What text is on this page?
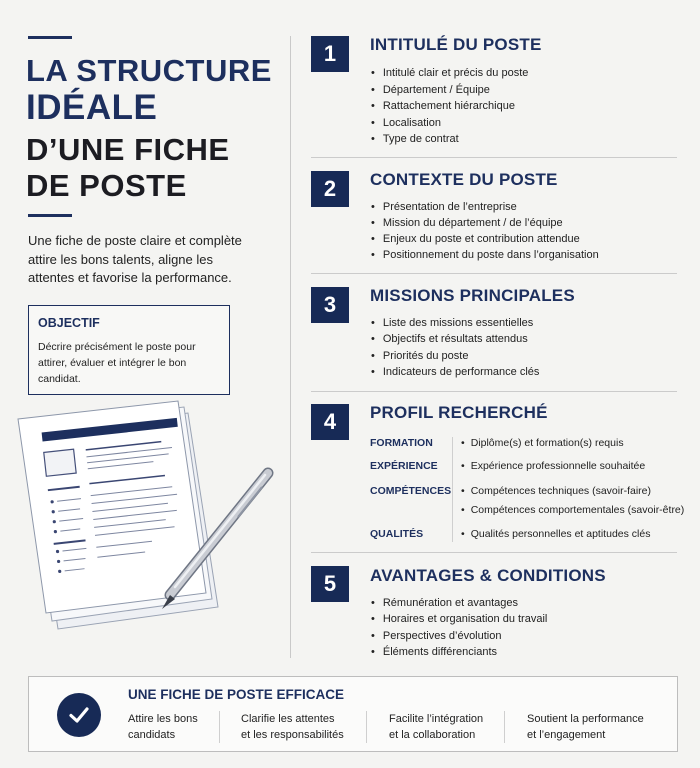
LA STRUCTURE
IDÉALE
D’UNE FICHE
DE POSTE
Une fiche de poste claire et complète attire les bons talents, aligne les attentes et favorise la performance.
OBJECTIF
Décrire précisément le poste pour attirer, évaluer et intégrer le bon candidat.
1	INTITULÉ DU POSTE
• Intitulé clair et précis du poste
• Département / Équipe
• Rattachement hiérarchique
• Localisation
• Type de contrat
2	CONTEXTE DU POSTE
• Présentation de l’entreprise
• Mission du département / de l’équipe
• Enjeux du poste et contribution attendue
• Positionnement du poste dans l’organisation
3	MISSIONS PRINCIPALES
• Liste des missions essentielles
• Objectifs et résultats attendus
• Priorités du poste
• Indicateurs de performance clés
4	PROFIL RECHERCHÉ
FORMATION	• Diplôme(s) et formation(s) requis
EXPÉRIENCE	• Expérience professionnelle souhaitée
COMPÉTENCES	• Compétences techniques (savoir-faire)
• Compétences comportementales (savoir-être)
QUALITÉS	• Qualités personnelles et aptitudes clés
5	AVANTAGES & CONDITIONS
• Rémunération et avantages
• Horaires et organisation du travail
• Perspectives d’évolution
• Éléments différenciants
UNE FICHE DE POSTE EFFICACE
Attire les bons
candidats
Clarifie les attentes
et les responsabilités
Facilite l’intégration
et la collaboration
Soutient la performance
et l’engagement
